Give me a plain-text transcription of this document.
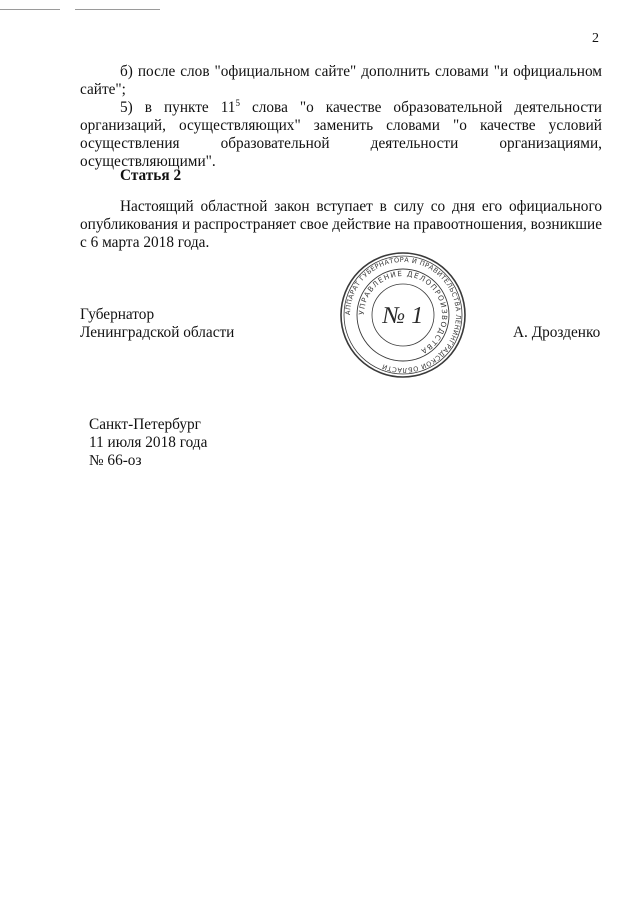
2
б) после слов "официальном сайте" дополнить словами "и официальном сайте";
5) в пункте $11^5$ слова "о качестве образовательной деятельности организаций, осуществляющих" заменить словами "о качестве условий осуществления образовательной деятельности организациями, осуществляющими".
Статья 2
Настоящий областной закон вступает в силу со дня его официального опубликования и распространяет свое действие на правоотношения, возникшие с 6 марта 2018 года.
Губернатор
Ленинградской области
АППАРАТ ГУБЕРНАТОРА И ПРАВИТЕЛЬСТВА ЛЕНИНГРАДСКОЙ ОБЛАСТИ
УПРАВЛЕНИЕ ДЕЛОПРОИЗВОДСТВА
№ 1
А. Дрозденко
Санкт-Петербург
11 июля 2018 года
№ 66-оз
